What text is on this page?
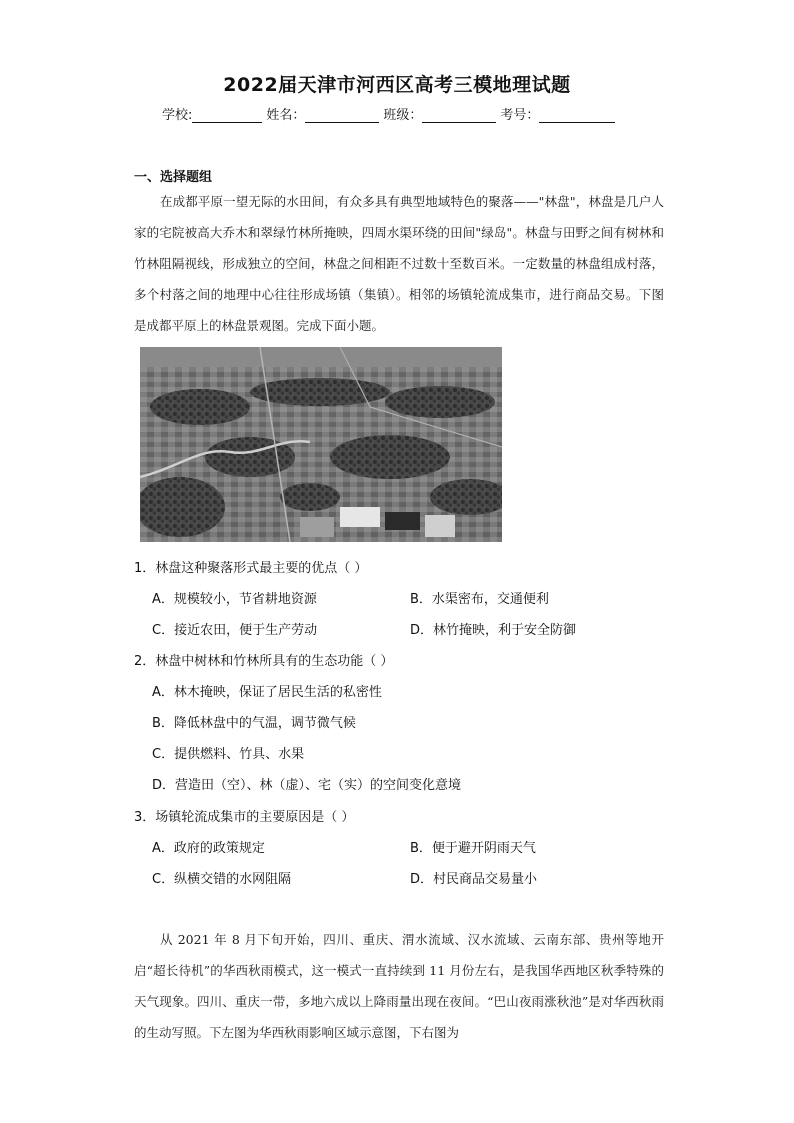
2022届天津市河西区高考三模地理试题
学校:	姓名：	班级：	考号：
一、选择题组
在成都平原一望无际的水田间，有众多具有典型地域特色的聚落——"林盘"，林盘是几户人家的宅院被高大乔木和翠绿竹林所掩映，四周水渠环绕的田间"绿岛"。林盘与田野之间有树林和竹林阻隔视线，形成独立的空间，林盘之间相距不过数十至数百米。一定数量的林盘组成村落，多个村落之间的地理中心往往形成场镇（集镇）。相邻的场镇轮流成集市，进行商品交易。下图是成都平原上的林盘景观图。完成下面小题。
1．林盘这种聚落形式最主要的优点（ ）
A．规模较小，节省耕地资源	B．水渠密布，交通便利
C．接近农田，便于生产劳动	D．林竹掩映，利于安全防御
2．林盘中树林和竹林所具有的生态功能（ ）
A．林木掩映，保证了居民生活的私密性
B．降低林盘中的气温，调节微气候
C．提供燃料、竹具、水果
D．营造田（空）、林（虚）、宅（实）的空间变化意境
3．场镇轮流成集市的主要原因是（ ）
A．政府的政策规定	B．便于避开阴雨天气
C．纵横交错的水网阻隔	D．村民商品交易量小
从 2021 年 8 月下旬开始，四川、重庆、渭水流域、汉水流域、云南东部、贵州等地开启“超长待机”的华西秋雨模式，这一模式一直持续到 11 月份左右，是我国华西地区秋季特殊的天气现象。四川、重庆一带，多地六成以上降雨量出现在夜间。“巴山夜雨涨秋池”是对华西秋雨的生动写照。下左图为华西秋雨影响区域示意图，下右图为
